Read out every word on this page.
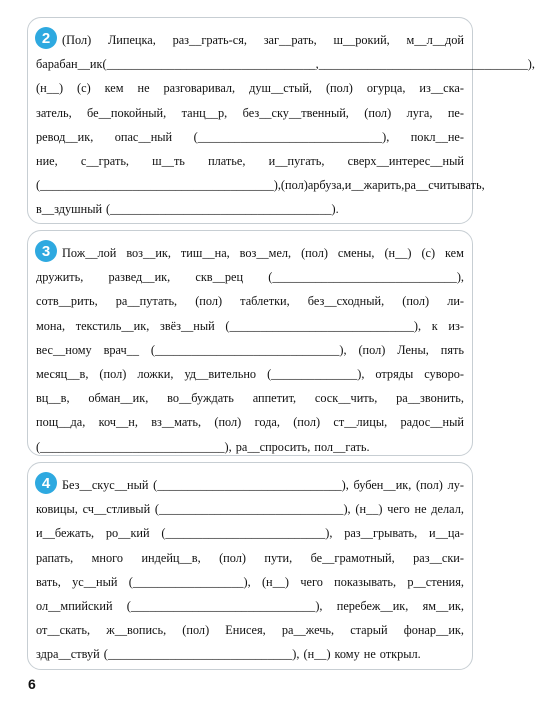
2 (Пол) Липецка, раз__грать-ся, заг__рать, ш__рокий, м__л__дой
барабан__ик (__________________________________, __________________________________),
(н__) (с) кем не разговаривал, душ__стый, (пол) огурца, из__ска-
затель, бе__покойный, танц__р, без__ску__твенный, (пол) луга, пе-
ревод__ик, опас__ный (______________________________), покл__не-
ние, с__грать, ш__ть платье, и__пугать, сверх__интерес__ный
(______________________________________), (пол) арбуза, и__жарить, ра__считывать,
в__здушный (____________________________________).
3 Пож__лой воз__ик, тиш__на, воз__мел, (пол) смены, (н__) (с) кем
дружить, развед__ик, скв__рец (______________________________),
сотв__рить, ра__путать, (пол) таблетки, без__сходный, (пол) ли-
мона, текстиль__ик, звёз__ный (______________________________), к из-
вес__ному врач__ (______________________________), (пол) Лены, пять
месяц__в, (пол) ложки, уд__вительно (______________), отряды суворо-
вц__в, обман__ик, во__буждать аппетит, соск__чить, ра__звонить,
пощ__да, коч__н, вз__мать, (пол) года, (пол) ст__лицы, радос__ный
(______________________________), ра__спросить, пол__гать.
4 Без__скус__ный (______________________________), бубен__ик, (пол) лу-
ковицы, сч__стливый (______________________________), (н__) чего не делал,
и__бежать, ро__кий (__________________________), раз__грывать, и__ца-
рапать, много индейц__в, (пол) пути, бе__грамотный, раз__ски-
вать, ус__ный (__________________), (н__) чего показывать, р__стения,
ол__мпийский (______________________________), перебеж__ик, ям__ик,
от__скать, ж__вопись, (пол) Енисея, ра__жечь, старый фонар__ик,
здра__ствуй (______________________________), (н__) кому не открыл.
6
